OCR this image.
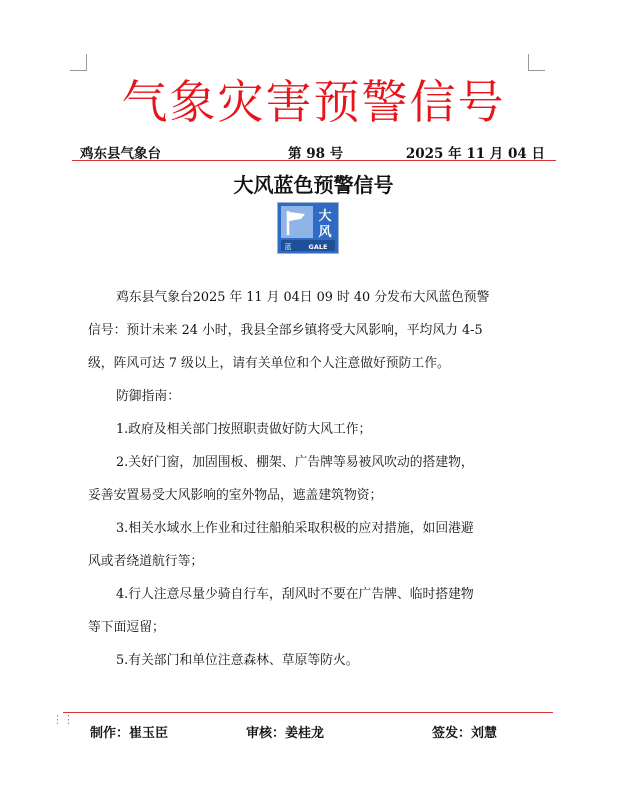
气象灾害预警信号
鸡东县气象台	第 98 号	2025 年 11 月 04 日
大风蓝色预警信号
大
风
蓝	GALE

鸡东县气象台2025 年 11 月 04日 09 时 40 分发布大风蓝色预警

信号：预计未来 24 小时，我县全部乡镇将受大风影响，平均风力 4-5

级，阵风可达 7 级以上，请有关单位和个人注意做好预防工作。

防御指南：

1.政府及相关部门按照职责做好防大风工作；

2.关好门窗，加固围板、棚架、广告牌等易被风吹动的搭建物，

妥善安置易受大风影响的室外物品，遮盖建筑物资；

3.相关水域水上作业和过往船舶采取积极的应对措施，如回港避

风或者绕道航行等；

4.行人注意尽量少骑自行车，刮风时不要在广告牌、临时搭建物

等下面逗留；

5.有关部门和单位注意森林、草原等防火。

⋮⋮
制作：崔玉臣	审核：姜桂龙	签发：刘慧
